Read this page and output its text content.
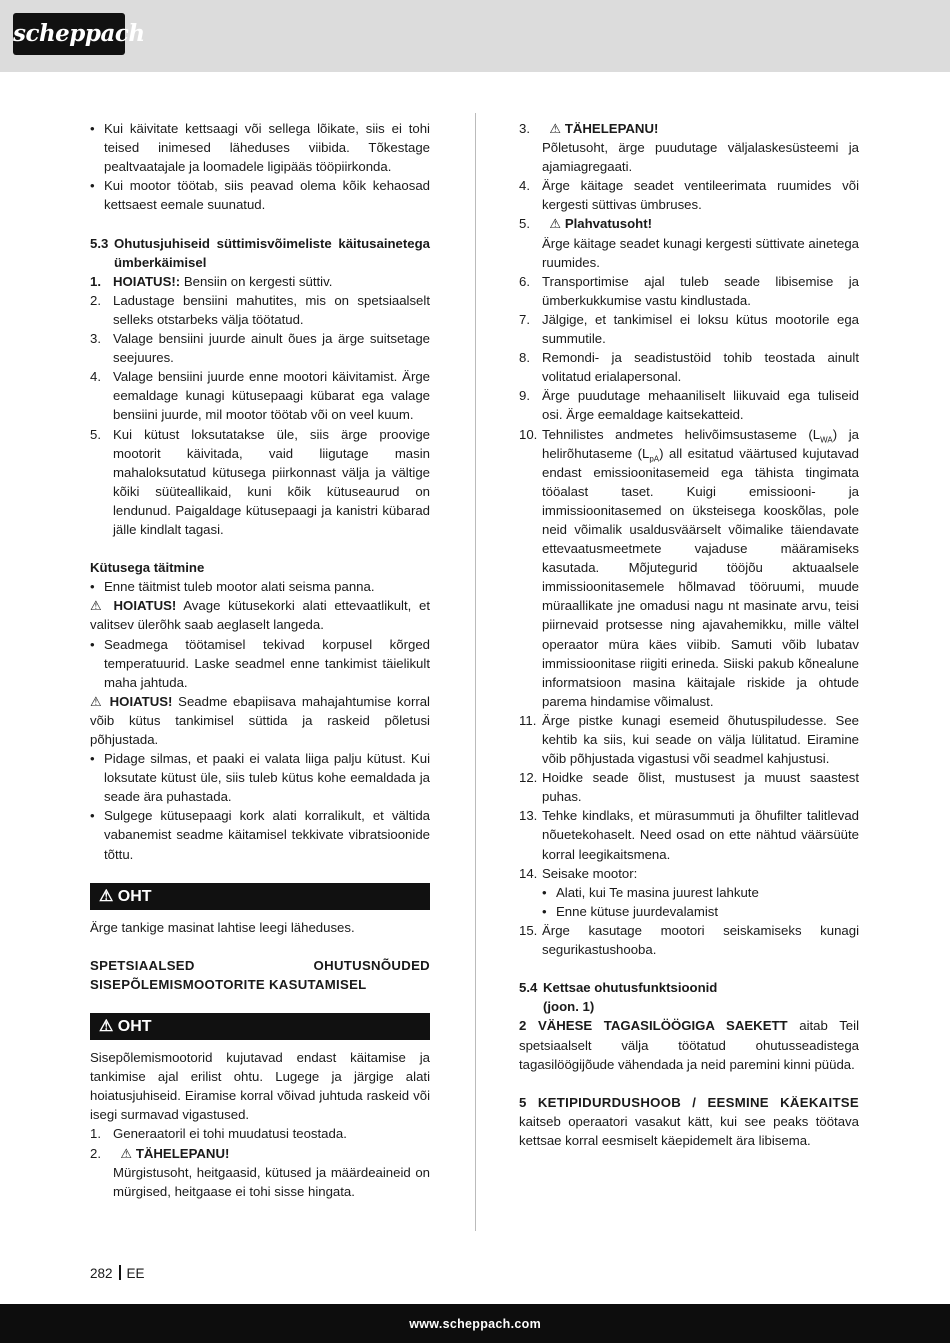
scheppach
• Kui käivitate kettsaagi või sellega lõikate, siis ei tohi teised inimesed läheduses viibida. Tõkestage pealtvaatajale ja loomadele ligipääs tööpiirkonda.
• Kui mootor töötab, siis peavad olema kõik kehaosad kettsaest eemale suunatud.
5.3 Ohutusjuhiseid süttimisvõimeliste käitusainetega ümberkäimisel
1. HOIATUS!: Bensiin on kergesti süttiv.
2. Ladustage bensiini mahutites, mis on spetsiaalselt selleks otstarbeks välja töötatud.
3. Valage bensiini juurde ainult õues ja ärge suitsetage seejuures.
4. Valage bensiini juurde enne mootori käivitamist. Ärge eemaldage kunagi kütusepaagi kübarat ega valage bensiini juurde, mil mootor töötab või on veel kuum.
5. Kui kütust loksutatakse üle, siis ärge proovige mootorit käivitada, vaid liigutage masin mahaloksutatud kütusega piirkonnast välja ja vältige kõiki süüteallikaid, kuni kõik kütuseaurud on lendunud. Paigaldage kütusepaagi ja kanistri kübarad jälle kindlalt tagasi.
Kütusega täitmine
• Enne täitmist tuleb mootor alati seisma panna.

⚠ HOIATUS! Avage kütusekorki alati ettevaatlikult, et valitsev ülerõhk saab aeglaselt langeda.

• Seadmega töötamisel tekivad korpusel kõrged temperatuurid. Laske seadmel enne tankimist täielikult maha jahtuda.

⚠ HOIATUS! Seadme ebapiisava mahajahtumise korral võib kütus tankimisel süttida ja raskeid põletusi põhjustada.

• Pidage silmas, et paaki ei valata liiga palju kütust. Kui loksutate kütust üle, siis tuleb kütus kohe eemaldada ja seade ära puhastada.
• Sulgege kütusepaagi kork alati korralikult, et vältida vabanemist seadme käitamisel tekkivate vibratsioonide tõttu.
⚠ OHT

Ärge tankige masinat lahtise leegi läheduses.

SPETSIAALSED OHUTUSNÕUDED SISEPÕLEMISMOOTORITE KASUTAMISEL
⚠ OHT

Sisepõlemismootorid kujutavad endast käitamise ja tankimise ajal erilist ohtu. Lugege ja järgige alati hoiatusjuhiseid. Eiramise korral võivad juhtuda raskeid või isegi surmavad vigastused.

1. Generaatoril ei tohi muudatusi teostada.
2. ⚠ TÄHELEPANU!
Mürgistusoht, heitgaasid, kütused ja määrdeaineid on mürgised, heitgaase ei tohi sisse hingata.
3. ⚠ TÄHELEPANU!
Põletusoht, ärge puudutage väljalaskesüsteemi ja ajamiagregaati.
4. Ärge käitage seadet ventileerimata ruumides või kergesti süttivas ümbruses.
5. ⚠ Plahvatusoht!
Ärge käitage seadet kunagi kergesti süttivate ainetega ruumides.
6. Transportimise ajal tuleb seade libisemise ja ümberkukkumise vastu kindlustada.
7. Jälgige, et tankimisel ei loksu kütus mootorile ega summutile.
8. Remondi- ja seadistustöid tohib teostada ainult volitatud erialapersonal.
9. Ärge puudutage mehaaniliselt liikuvaid ega tuliseid osi. Ärge eemaldage kaitsekatteid.
10. Tehnilistes andmetes helivõimsustaseme $(L_{WA})$ ja helirõhutaseme $(L_{pA})$ all esitatud väärtused kujutavad endast emissioonitasemeid ega tähista tingimata tööalast taset. Kuigi emissiooni- ja immissioonitasemed on üksteisega kooskõlas, pole neid võimalik usaldusväärselt võimalike täiendavate ettevaatusmeetmete vajaduse määramiseks kasutada. Mõjutegurid tööjõu aktuaalsele immissioonitasemele hõlmavad tööruumi, muude müraallikate jne omadusi nagu nt masinate arvu, teisi piirnevaid protsesse ning ajavahemikku, mille vältel operaator müra käes viibib. Samuti võib lubatav immissioonitase riigiti erineda. Siiski pakub kõnealune informatsioon masina käitajale riskide ja ohtude parema hindamise võimalust.
11. Ärge pistke kunagi esemeid õhutuspiludesse. See kehtib ka siis, kui seade on välja lülitatud. Eiramine võib põhjustada vigastusi või seadmel kahjustusi.
12. Hoidke seade õlist, mustusest ja muust saastest puhas.
13. Tehke kindlaks, et mürasummuti ja õhufilter talitlevad nõuetekohaselt. Need osad on ette nähtud väärsüüte korral leegikaitsmena.
14. Seisake mootor:
• Alati, kui Te masina juurest lahkute
• Enne kütuse juurdevalamist
15. Ärge kasutage mootori seiskamiseks kunagi segurikastushooba.
5.4 Kettsae ohutusfunktsioonid
(joon. 1)

2 VÄHESE TAGASILÖÖGIGA SAEKETT aitab Teil spetsiaalselt välja töötatud ohutusseadistega tagasilöögijõude vähendada ja neid paremini kinni püüda.

5 KETIPIDURDUSHOOB / EESMINE KÄEKAITSE kaitseb operaatori vasakut kätt, kui see peaks töötava kettsae korral eesmiselt käepidemelt ära libisema.

282 EE
www.scheppach.com
